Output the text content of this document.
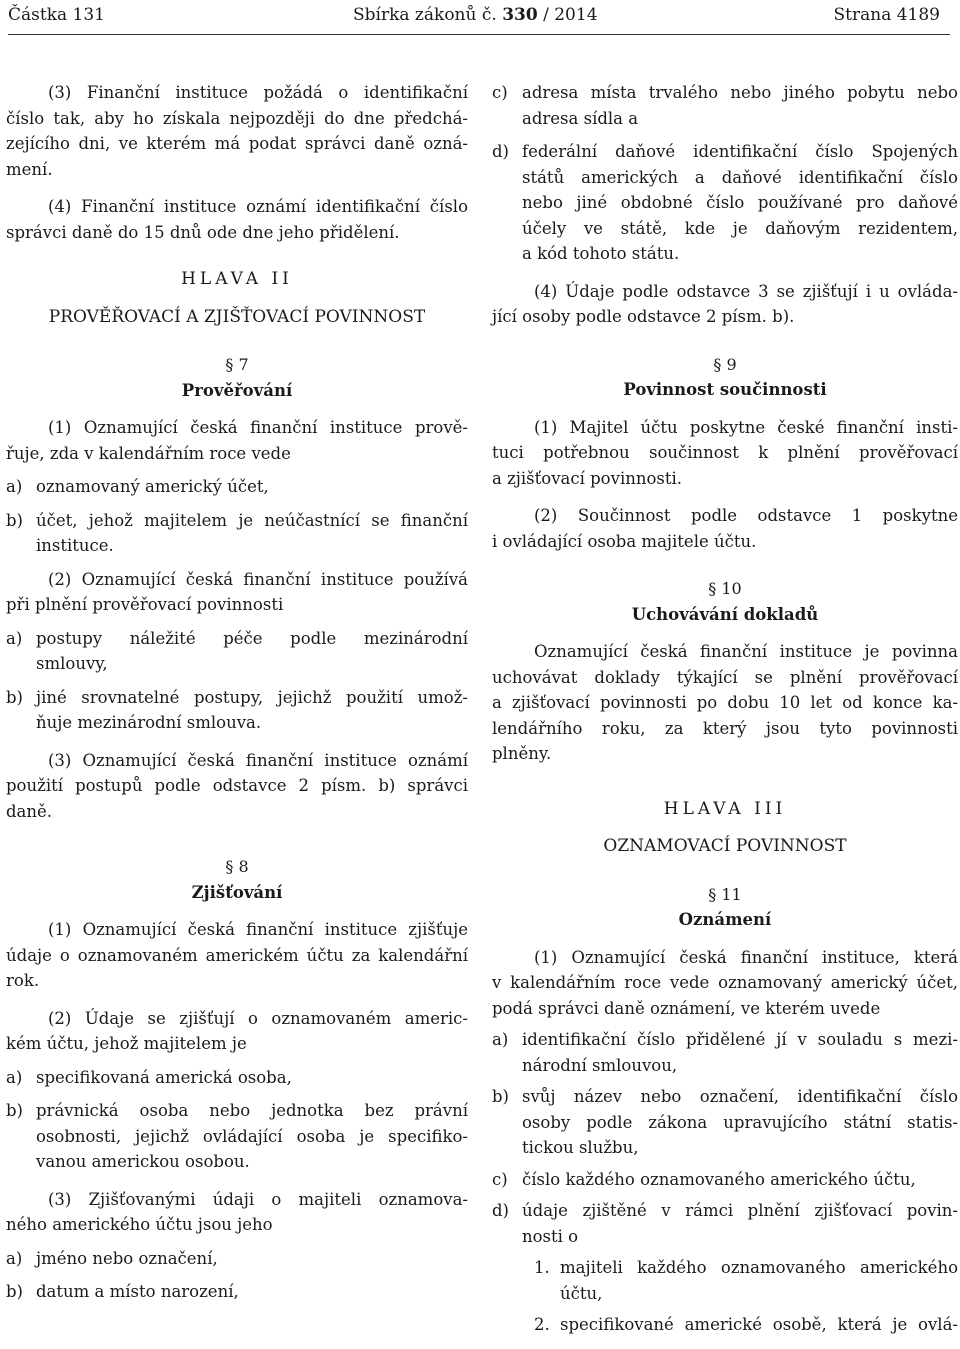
Částka 131	Sbírka zákonů č. 330 / 2014	Strana 4189
(3) Finanční instituce požádá o identifikační
číslo tak, aby ho získala nejpozději do dne předchá-
zejícího dni, ve kterém má podat správci daně ozná-
mení.
(4) Finanční instituce oznámí identifikační číslo
správci daně do 15 dnů ode dne jeho přidělení.
HLAVA II
PROVĚŘOVACÍ A ZJIŠŤOVACÍ POVINNOST
§ 7
Prověřování
(1) Oznamující česká finanční instituce prově-
řuje, zda v kalendářním roce vede
a) oznamovaný americký účet,
b) účet, jehož majitelem je neúčastnící se finanční
instituce.
(2) Oznamující česká finanční instituce používá
při plnění prověřovací povinnosti
a) postupy náležité péče podle mezinárodní
smlouvy,
b) jiné srovnatelné postupy, jejichž použití umož-
ňuje mezinárodní smlouva.
(3) Oznamující česká finanční instituce oznámí
použití postupů podle odstavce 2 písm. b) správci
daně.
§ 8
Zjišťování
(1) Oznamující česká finanční instituce zjišťuje
údaje o oznamovaném americkém účtu za kalendářní
rok.
(2) Údaje se zjišťují o oznamovaném americ-
kém účtu, jehož majitelem je
a) specifikovaná americká osoba,
b) právnická osoba nebo jednotka bez právní
osobnosti, jejichž ovládající osoba je specifiko-
vanou americkou osobou.
(3) Zjišťovanými údaji o majiteli oznamova-
ného amerického účtu jsou jeho
a) jméno nebo označení,
b) datum a místo narození,
c) adresa místa trvalého nebo jiného pobytu nebo
adresa sídla a
d) federální daňové identifikační číslo Spojených
států amerických a daňové identifikační číslo
nebo jiné obdobné číslo používané pro daňové
účely ve státě, kde je daňovým rezidentem,
a kód tohoto státu.
(4) Údaje podle odstavce 3 se zjišťují i u ovláda-
jící osoby podle odstavce 2 písm. b).
§ 9
Povinnost součinnosti
(1) Majitel účtu poskytne české finanční insti-
tuci potřebnou součinnost k plnění prověřovací
a zjišťovací povinnosti.
(2) Součinnost podle odstavce 1 poskytne
i ovládající osoba majitele účtu.
§ 10
Uchovávání dokladů
Oznamující česká finanční instituce je povinna
uchovávat doklady týkající se plnění prověřovací
a zjišťovací povinnosti po dobu 10 let od konce ka-
lendářního roku, za který jsou tyto povinnosti
plněny.
HLAVA III
OZNAMOVACÍ POVINNOST
§ 11
Oznámení
(1) Oznamující česká finanční instituce, která
v kalendářním roce vede oznamovaný americký účet,
podá správci daně oznámení, ve kterém uvede
a) identifikační číslo přidělené jí v souladu s mezi-
národní smlouvou,
b) svůj název nebo označení, identifikační číslo
osoby podle zákona upravujícího státní statis-
tickou službu,
c) číslo každého oznamovaného amerického účtu,
d) údaje zjištěné v rámci plnění zjišťovací povin-
nosti o
1. majiteli každého oznamovaného amerického
účtu,
2. specifikované americké osobě, která je ovlá-
